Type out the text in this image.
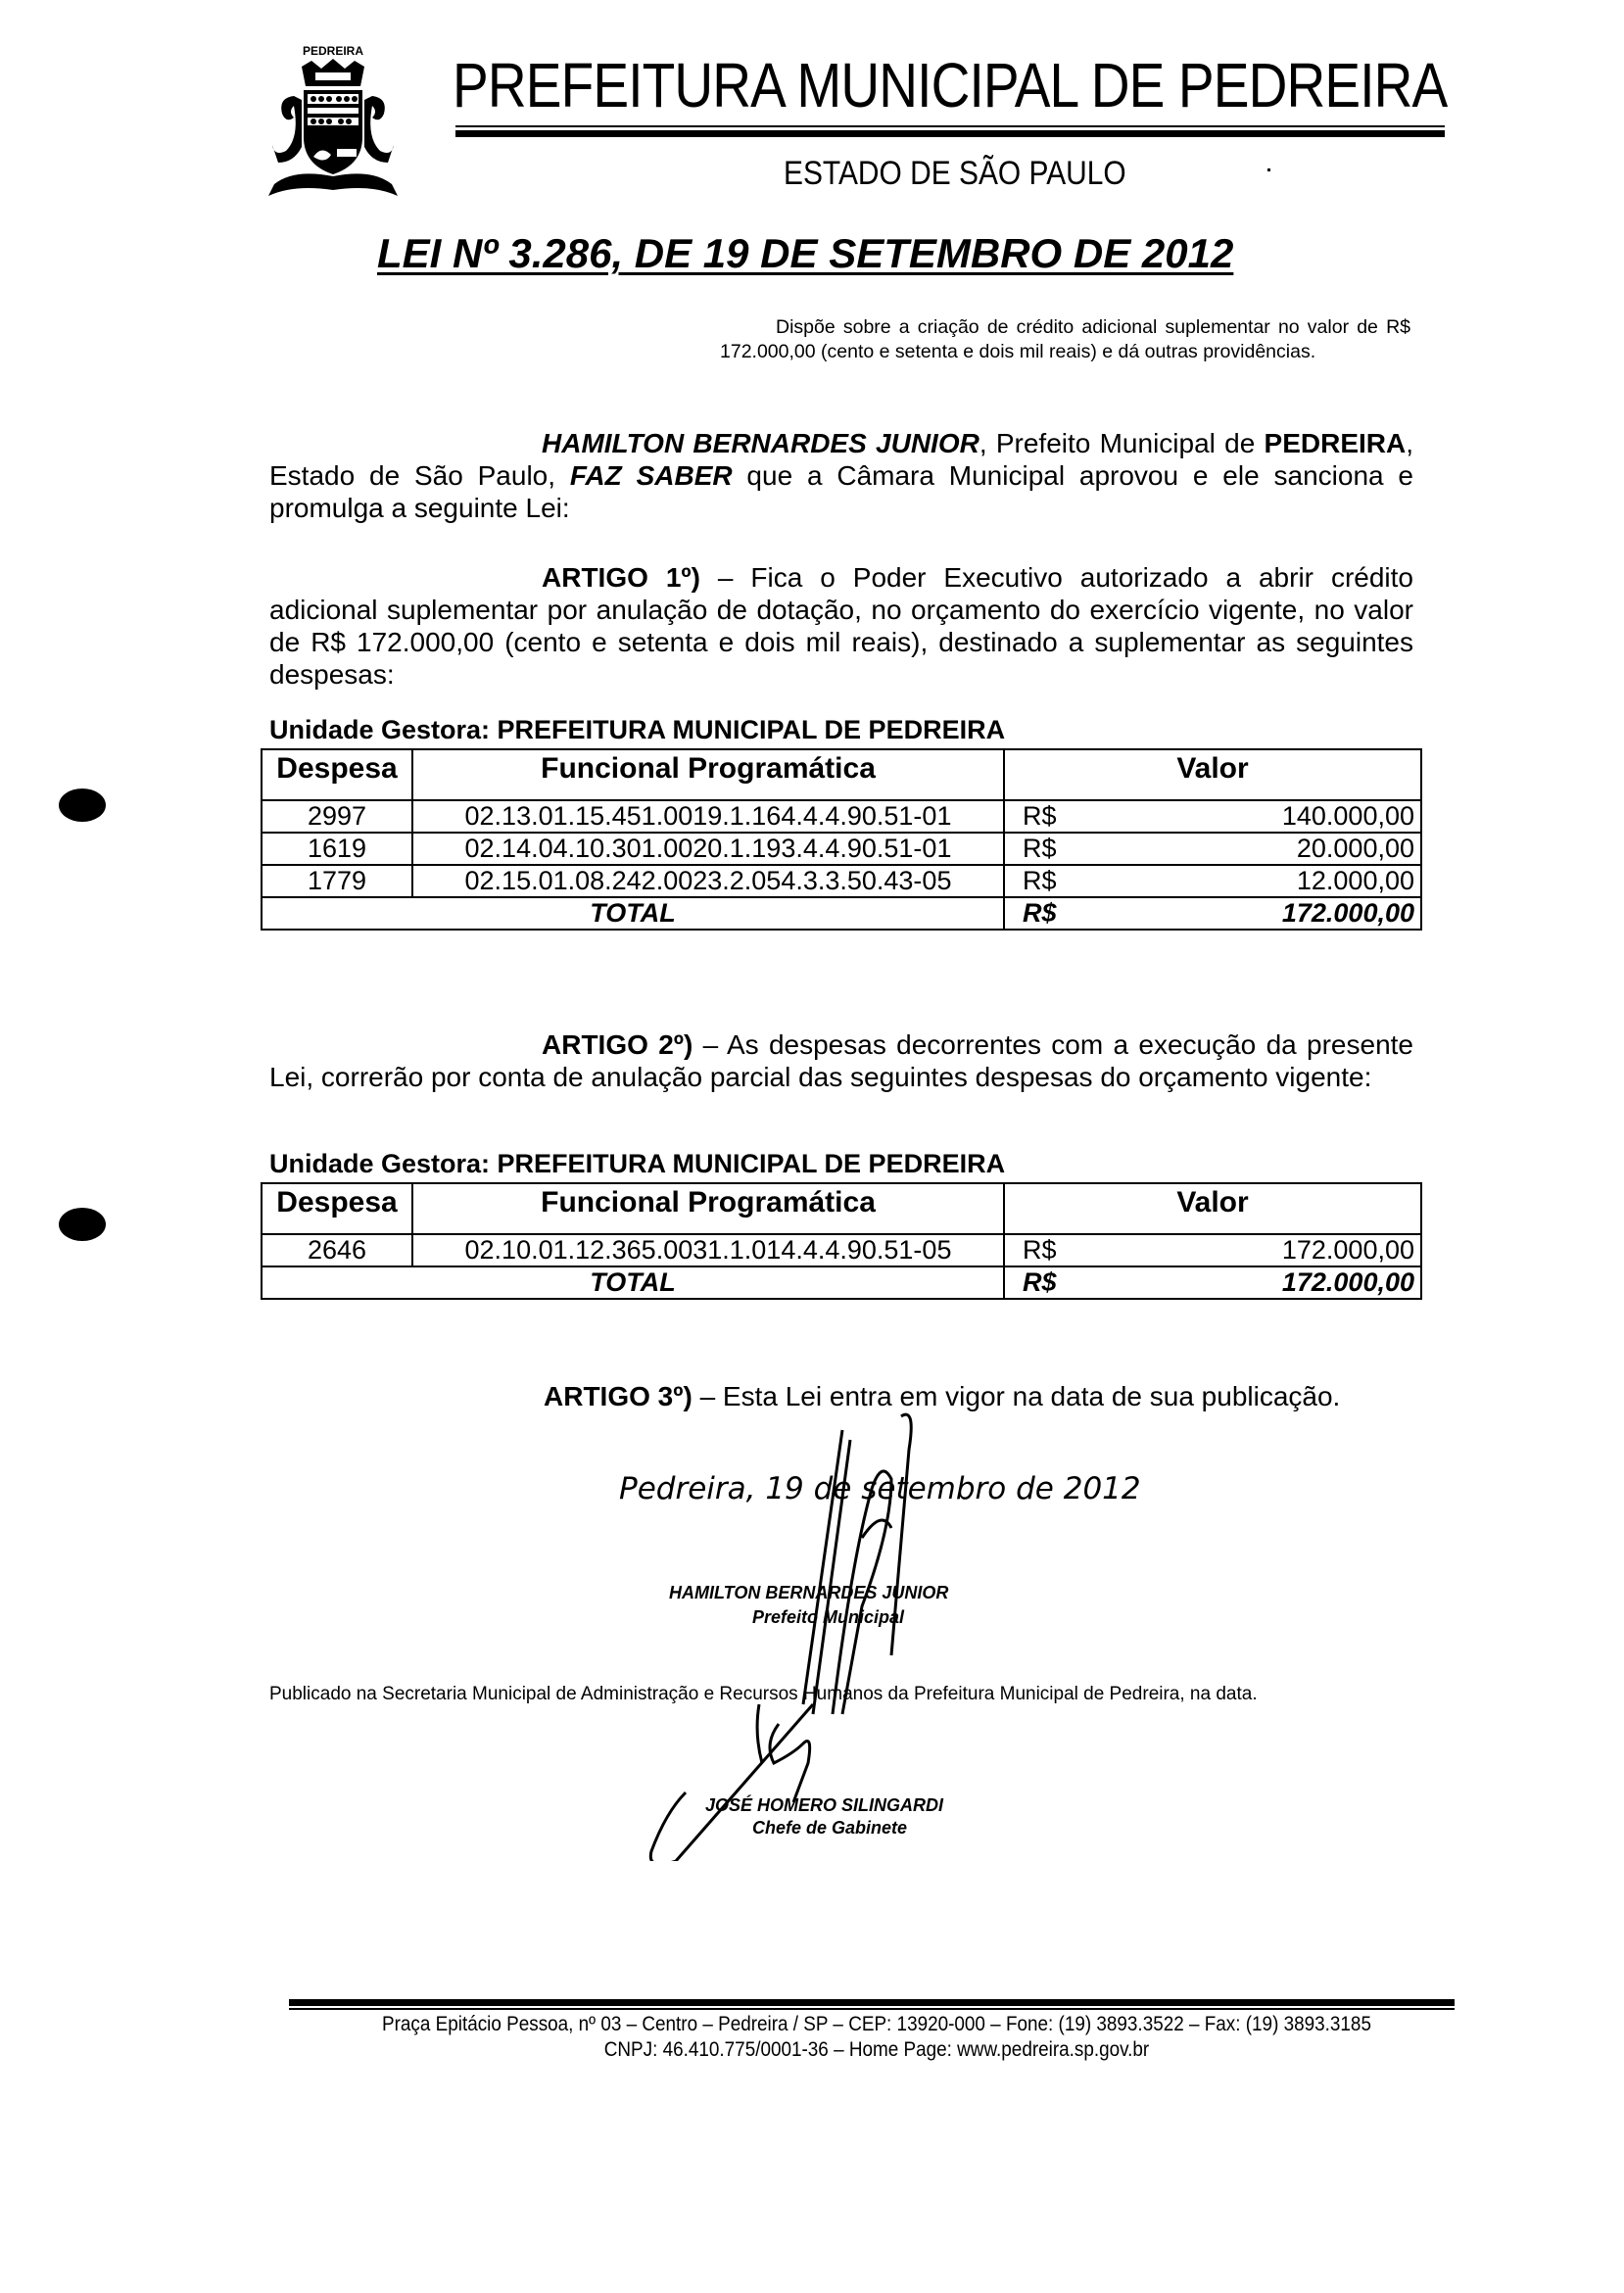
PEDREIRA PREFEITURA MUNICIPAL DE PEDREIRA
ESTADO DE SÃO PAULO
LEI Nº 3.286, DE 19 DE SETEMBRO DE 2012
Dispõe sobre a criação de crédito adicional suplementar no valor de R$ 172.000,00 (cento e setenta e dois mil reais) e dá outras providências.
HAMILTON BERNARDES JUNIOR, Prefeito Municipal de PEDREIRA, Estado de São Paulo, FAZ SABER que a Câmara Municipal aprovou e ele sanciona e promulga a seguinte Lei:
ARTIGO 1º) – Fica o Poder Executivo autorizado a abrir crédito adicional suplementar por anulação de dotação, no orçamento do exercício vigente, no valor de R$ 172.000,00 (cento e setenta e dois mil reais), destinado a suplementar as seguintes despesas:
Unidade Gestora: PREFEITURA MUNICIPAL DE PEDREIRA
Despesa	Funcional Programática	Valor	
2997	02.13.01.15.451.0019.1.164.4.4.90.51-01	R$	140.000,00
1619	02.14.04.10.301.0020.1.193.4.4.90.51-01	R$	20.000,00
1779	02.15.01.08.242.0023.2.054.3.3.50.43-05	R$	12.000,00
TOTAL		R$	172.000,00
ARTIGO 2º) – As despesas decorrentes com a execução da presente Lei, correrão por conta de anulação parcial das seguintes despesas do orçamento vigente:
Unidade Gestora: PREFEITURA MUNICIPAL DE PEDREIRA
Despesa	Funcional Programática	Valor	
2646	02.10.01.12.365.0031.1.014.4.4.90.51-05	R$	172.000,00
TOTAL		R$	172.000,00
ARTIGO 3º) – Esta Lei entra em vigor na data de sua publicação.
Pedreira, 19 de setembro de 2012
HAMILTON BERNARDES JUNIOR
Prefeito Municipal
Publicado na Secretaria Municipal de Administração e Recursos Humanos da Prefeitura Municipal de Pedreira, na data.
JOSÉ HOMERO SILINGARDI
Chefe de Gabinete
Praça Epitácio Pessoa, nº 03 – Centro – Pedreira / SP – CEP: 13920-000 – Fone: (19) 3893.3522 – Fax: (19) 3893.3185
CNPJ: 46.410.775/0001-36 – Home Page: www.pedreira.sp.gov.br
